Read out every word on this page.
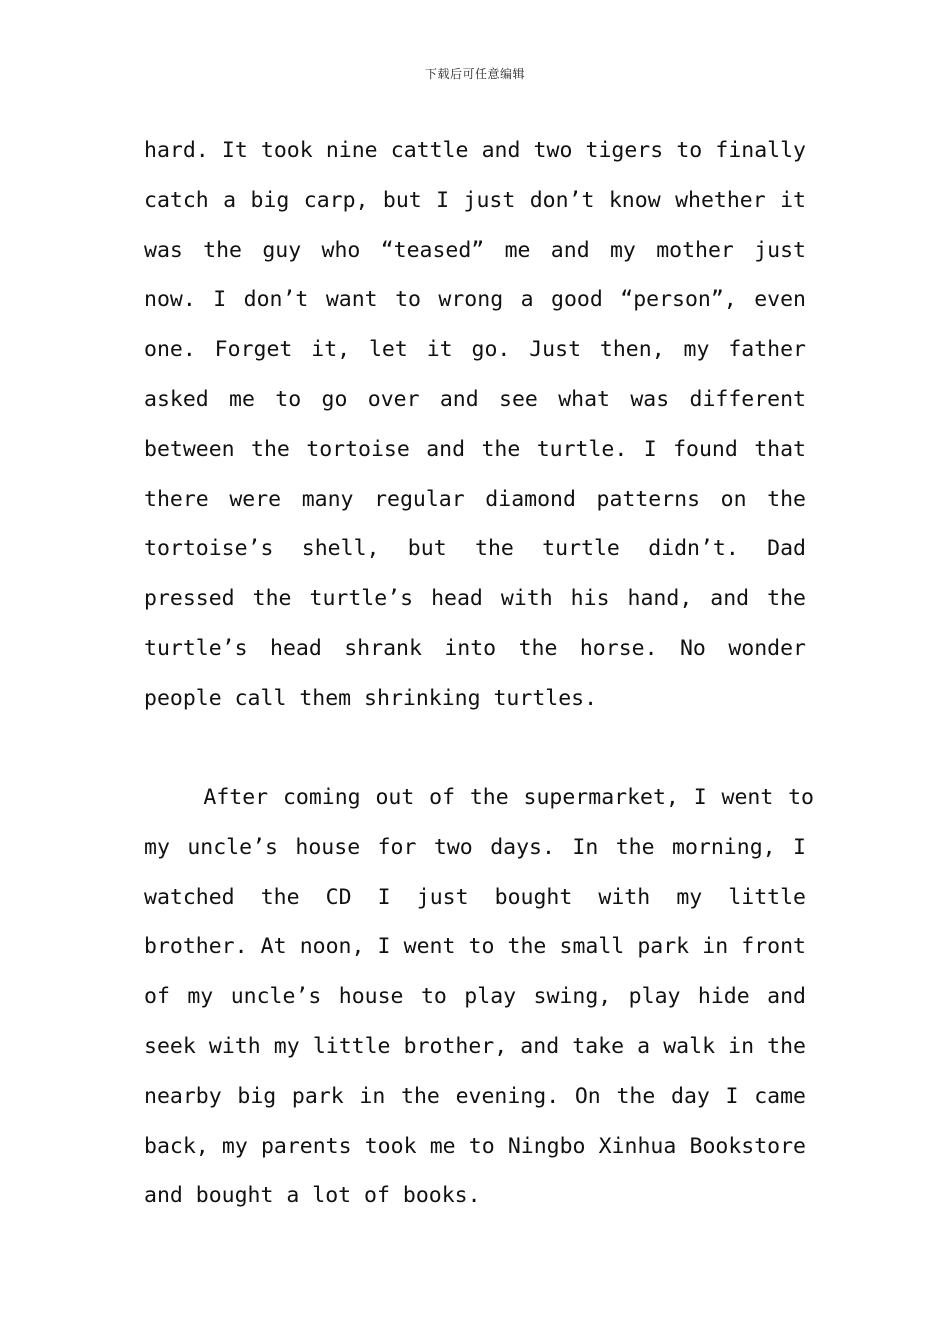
下载后可任意编辑
hard. It took nine cattle and two tigers to finally
catch a big carp, but I just don’t know whether it
was the guy who “teased” me and my mother just
now. I don’t want to wrong a good “person”, even
one. Forget it, let it go. Just then, my father
asked me to go over and see what was different
between the tortoise and the turtle. I found that
there were many regular diamond patterns on the
tortoise’s shell, but the turtle didn’t. Dad
pressed the turtle’s head with his hand, and the
turtle’s head shrank into the horse. No wonder
people call them shrinking turtles.
After coming out of the supermarket, I went to
my uncle’s house for two days. In the morning, I
watched the CD I just bought with my little
brother. At noon, I went to the small park in front
of my uncle’s house to play swing, play hide and
seek with my little brother, and take a walk in the
nearby big park in the evening. On the day I came
back, my parents took me to Ningbo Xinhua Bookstore
and bought a lot of books.
